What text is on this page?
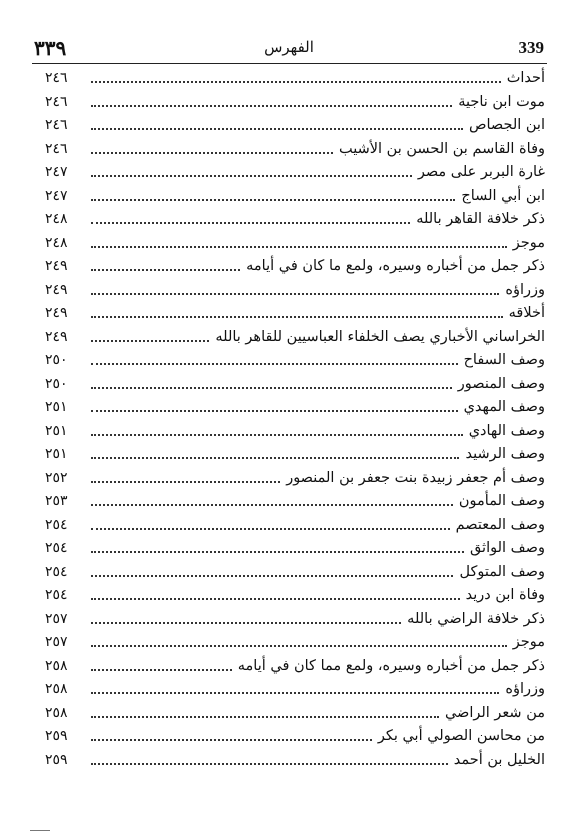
٣٣٩	الفهرس	339
أحداث
٢٤٦
موت ابن ناجية
٢٤٦
ابن الجصاص
٢٤٦
وفاة القاسم بن الحسن بن الأشيب
٢٤٦
غارة البربر على مصر
٢٤٧
ابن أبي الساج
٢٤٧
ذكر خلافة القاهر بالله
٢٤٨
موجز
٢٤٨
ذكر جمل من أخباره وسيره، ولمع ما كان في أيامه
٢٤٩
وزراؤه
٢٤٩
أخلاقه
٢٤٩
الخراساني الأخباري يصف الخلفاء العباسيين للقاهر بالله
٢٤٩
وصف السفاح
٢٥٠
وصف المنصور
٢٥٠
وصف المهدي
٢٥١
وصف الهادي
٢٥١
وصف الرشيد
٢٥١
وصف أم جعفر زبيدة بنت جعفر بن المنصور
٢٥٢
وصف المأمون
٢٥٣
وصف المعتصم
٢٥٤
وصف الواثق
٢٥٤
وصف المتوكل
٢٥٤
وفاة ابن دريد
٢٥٤
ذكر خلافة الراضي بالله
٢٥٧
موجز
٢٥٧
ذكر جمل من أخباره وسيره، ولمع مما كان في أيامه
٢٥٨
وزراؤه
٢٥٨
من شعر الراضي
٢٥٨
من محاسن الصولي أبي بكر
٢٥٩
الخليل بن أحمد
٢٥٩
